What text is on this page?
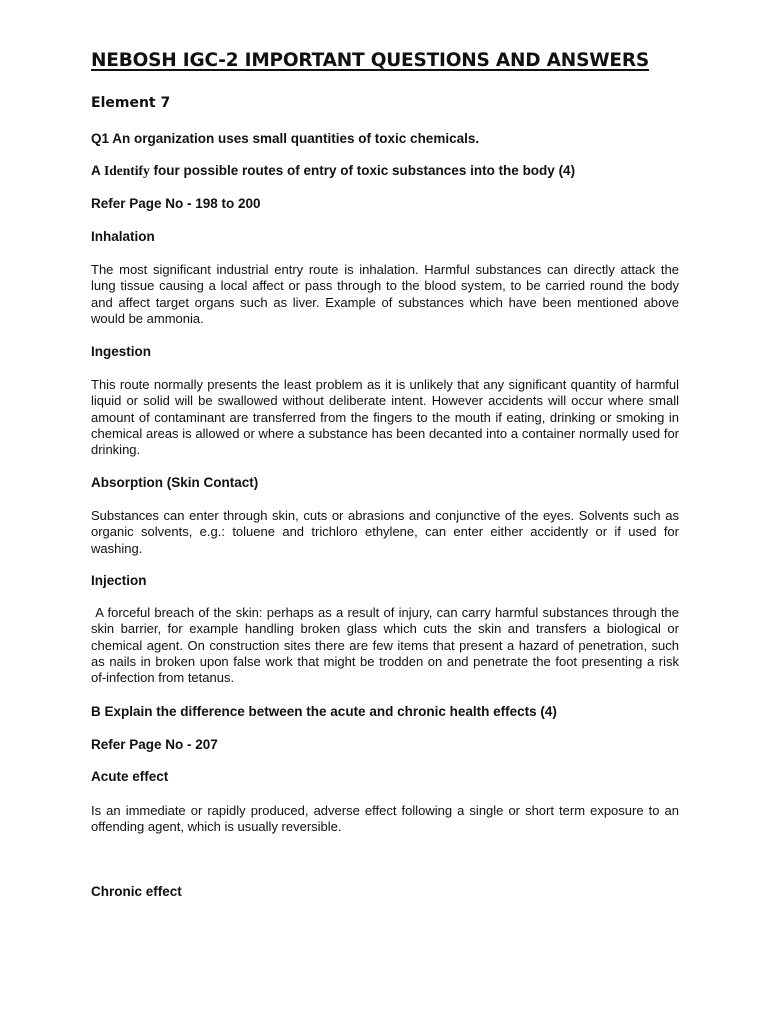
NEBOSH IGC-2 IMPORTANT QUESTIONS AND ANSWERS
Element 7
Q1 An organization uses small quantities of toxic chemicals.
A Identify four possible routes of entry of toxic substances into the body (4)
Refer Page No - 198 to 200
Inhalation

The most significant industrial entry route is inhalation. Harmful substances can directly attack the lung tissue causing a local affect or pass through to the blood system, to be carried round the body and affect target organs such as liver. Example of substances which have been mentioned above would be ammonia.

Ingestion

This route normally presents the least problem as it is unlikely that any significant quantity of harmful liquid or solid will be swallowed without deliberate intent. However accidents will occur where small amount of contaminant are transferred from the fingers to the mouth if eating, drinking or smoking in chemical areas is allowed or where a substance has been decanted into a container normally used for drinking.

Absorption (Skin Contact)

Substances can enter through skin, cuts or abrasions and conjunctive of the eyes. Solvents such as organic solvents, e.g.: toluene and trichloro ethylene, can enter either accidently or if used for washing.

Injection

A forceful breach of the skin: perhaps as a result of injury, can carry harmful substances through the skin barrier, for example handling broken glass which cuts the skin and transfers a biological or chemical agent. On construction sites there are few items that present a hazard of penetration, such as nails in broken upon false work that might be trodden on and penetrate the foot presenting a risk of-infection from tetanus.

B Explain the difference between the acute and chronic health effects (4)
Refer Page No - 207
Acute effect

Is an immediate or rapidly produced, adverse effect following a single or short term exposure to an offending agent, which is usually reversible.

Chronic effect
